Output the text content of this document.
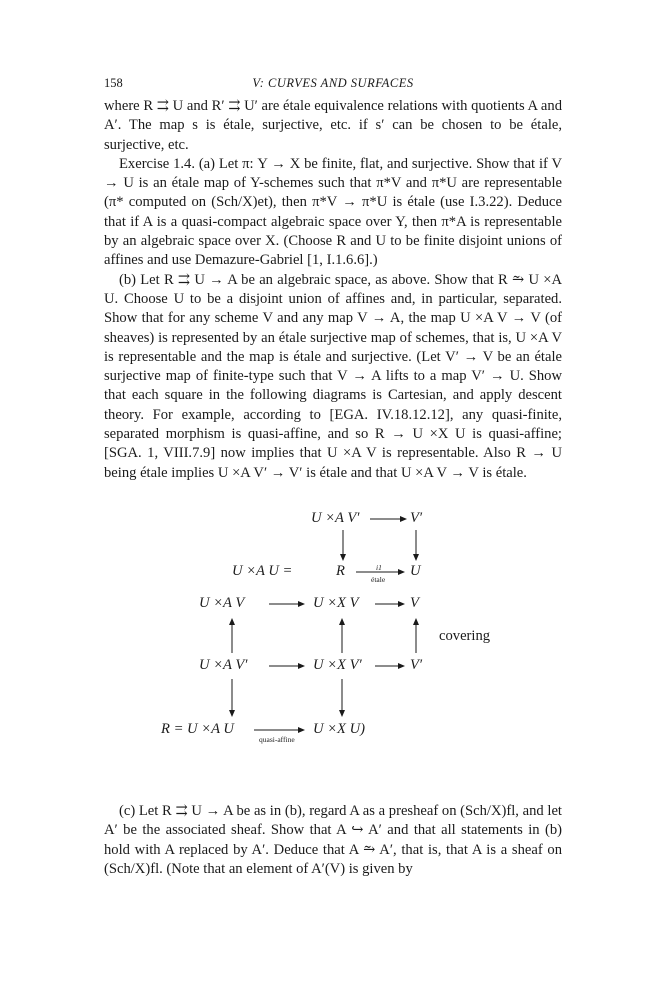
158	V: CURVES AND SURFACES

where R ⇉ U and R′ ⇉ U′ are étale equivalence relations with quotients A and A′. The map s is étale, surjective, etc. if s′ can be chosen to be étale, surjective, etc.

Exercise 1.4. (a) Let π: Y → X be finite, flat, and surjective. Show that if V → U is an étale map of Y-schemes such that π*V and π*U are representable (π* computed on (Sch/X)et), then π*V → π*U is étale (use I.3.22). Deduce that if A is a quasi-compact algebraic space over Y, then π*A is representable by an algebraic space over X. (Choose R and U to be finite disjoint unions of affines and use Demazure-Gabriel [1, I.1.6.6].)

(b) Let R ⇉ U → A be an algebraic space, as above. Show that R ⥲ U ×A U. Choose U to be a disjoint union of affines and, in particular, separated. Show that for any scheme V and any map V → A, the map U ×A V → V (of sheaves) is represented by an étale surjective map of schemes, that is, U ×A V is representable and the map is étale and surjective. (Let V′ → V be an étale surjective map of finite-type such that V → A lifts to a map V′ → U. Show that each square in the following diagrams is Cartesian, and apply descent theory. For example, according to [EGA. IV.18.12.12], any quasi-finite, separated morphism is quasi-affine, and so R → U ×X U is quasi-affine; [SGA. 1, VIII.7.9] now implies that U ×A V is representable. Also R → U being étale implies U ×A V′ → V′ is étale and that U ×A V → V is étale.

U ×A V′	V′
U ×A U =	R	U
i1
étale
U ×A V	U ×X V	V
covering
U ×A V′	U ×X V′	V′
R = U ×A U	U ×X U)
quasi-affine

(c) Let R ⇉ U → A be as in (b), regard A as a presheaf on (Sch/X)fl, and let A′ be the associated sheaf. Show that A ↪ A′ and that all statements in (b) hold with A replaced by A′. Deduce that A ⥲ A′, that is, that A is a sheaf on (Sch/X)fl. (Note that an element of A′(V) is given by
